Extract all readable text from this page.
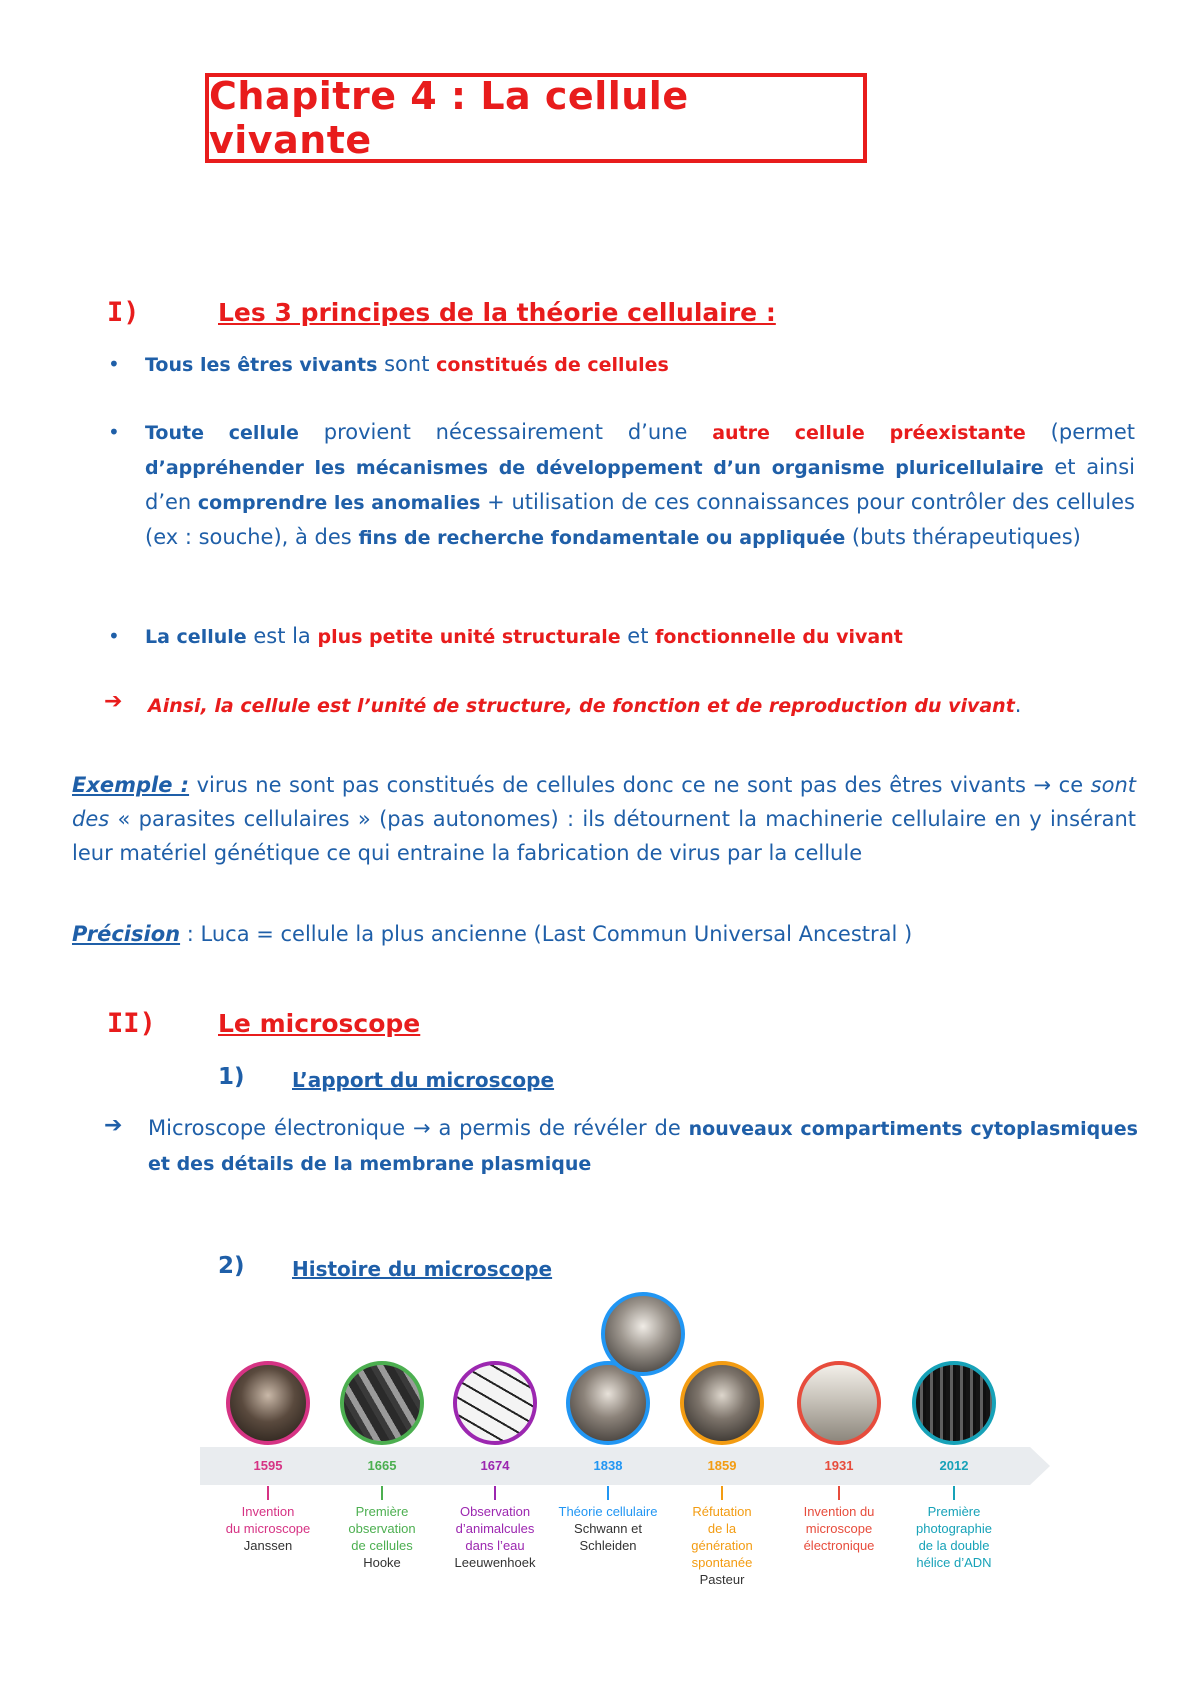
Chapitre 4 : La cellule vivante
I)	Les 3 principes de la théorie cellulaire :
• Tous les êtres vivants sont constitués de cellules
• Toute cellule provient nécessairement d’une autre cellule préexistante (permet d’appréhender les mécanismes de développement d’un organisme pluricellulaire et ainsi d’en comprendre les anomalies + utilisation de ces connaissances pour contrôler des cellules (ex : souche), à des fins de recherche fondamentale ou appliquée (buts thérapeutiques)
• La cellule est la plus petite unité structurale et fonctionnelle du vivant
➔ Ainsi, la cellule est l’unité de structure, de fonction et de reproduction du vivant.
Exemple : virus ne sont pas constitués de cellules donc ce ne sont pas des êtres vivants → ce sont des « parasites cellulaires » (pas autonomes) : ils détournent la machinerie cellulaire en y insérant leur matériel génétique ce qui entraine la fabrication de virus par la cellule
Précision : Luca = cellule la plus ancienne (Last Commun Universal Ancestral )
II) Le microscope
1) L’apport du microscope
➔ Microscope électronique → a permis de révéler de nouveaux compartiments cytoplasmiques et des détails de la membrane plasmique
2) Histoire du microscope
1595
Invention
du microscope
Janssen
1665
Première
observation
de cellules
Hooke
1674
Observation
d’animalcules
dans l’eau
Leeuwenhoek
1838
Théorie cellulaire
Schwann et
Schleiden
1859
Réfutation
de la
génération
spontanée
Pasteur
1931
Invention du
microscope
électronique
2012
Première
photographie
de la double
hélice d’ADN
